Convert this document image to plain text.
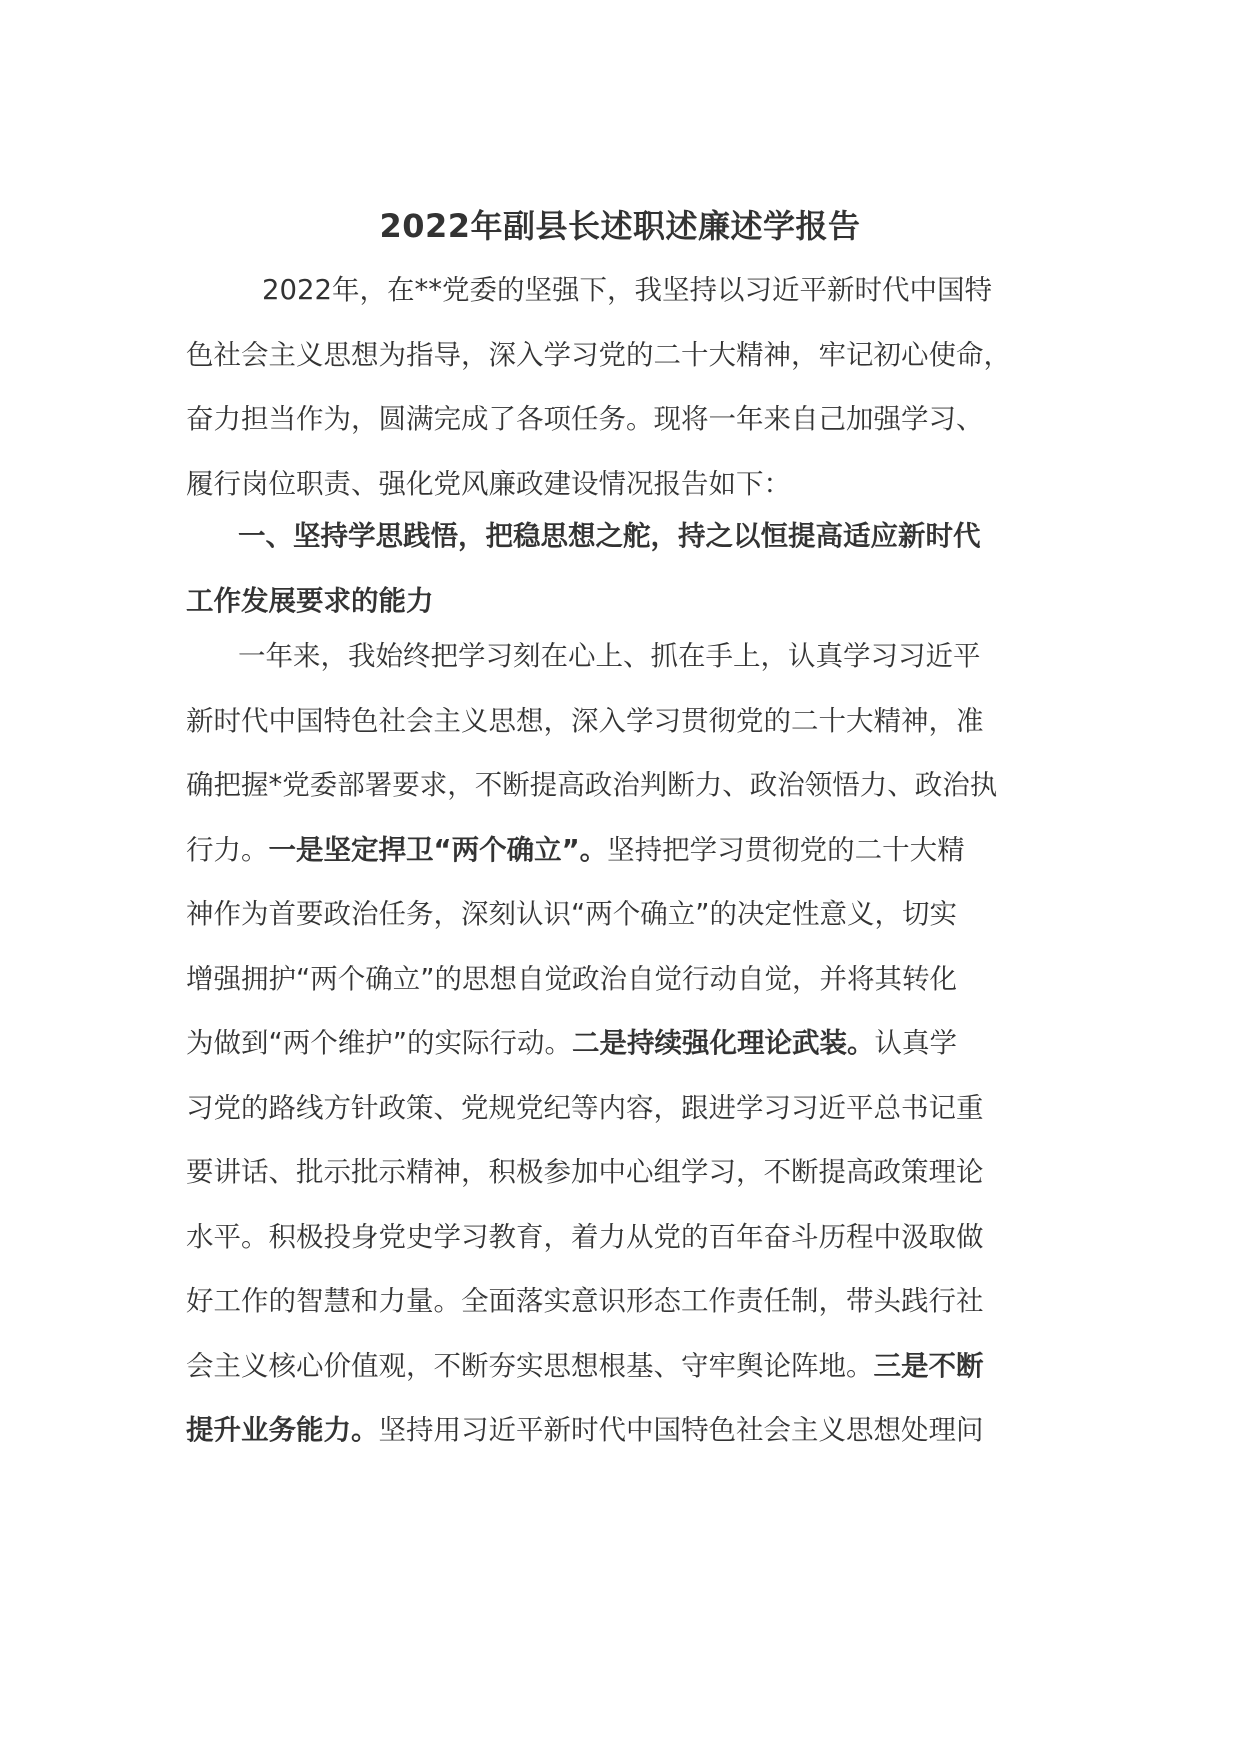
2022年副县长述职述廉述学报告
2022年，在**党委的坚强下，我坚持以习近平新时代中国特
色社会主义思想为指导，深入学习党的二十大精神，牢记初心使命，
奋力担当作为，圆满完成了各项任务。现将一年来自己加强学习、
履行岗位职责、强化党风廉政建设情况报告如下：
一、坚持学思践悟，把稳思想之舵，持之以恒提高适应新时代
工作发展要求的能力
一年来，我始终把学习刻在心上、抓在手上，认真学习习近平
新时代中国特色社会主义思想，深入学习贯彻党的二十大精神，准
确把握*党委部署要求，不断提高政治判断力、政治领悟力、政治执
行力。一是坚定捍卫“两个确立”。坚持把学习贯彻党的二十大精
神作为首要政治任务，深刻认识“两个确立”的决定性意义，切实
增强拥护“两个确立”的思想自觉政治自觉行动自觉，并将其转化
为做到“两个维护”的实际行动。二是持续强化理论武装。认真学
习党的路线方针政策、党规党纪等内容，跟进学习习近平总书记重
要讲话、批示批示精神，积极参加中心组学习，不断提高政策理论
水平。积极投身党史学习教育，着力从党的百年奋斗历程中汲取做
好工作的智慧和力量。全面落实意识形态工作责任制，带头践行社
会主义核心价值观，不断夯实思想根基、守牢舆论阵地。三是不断
提升业务能力。坚持用习近平新时代中国特色社会主义思想处理问
